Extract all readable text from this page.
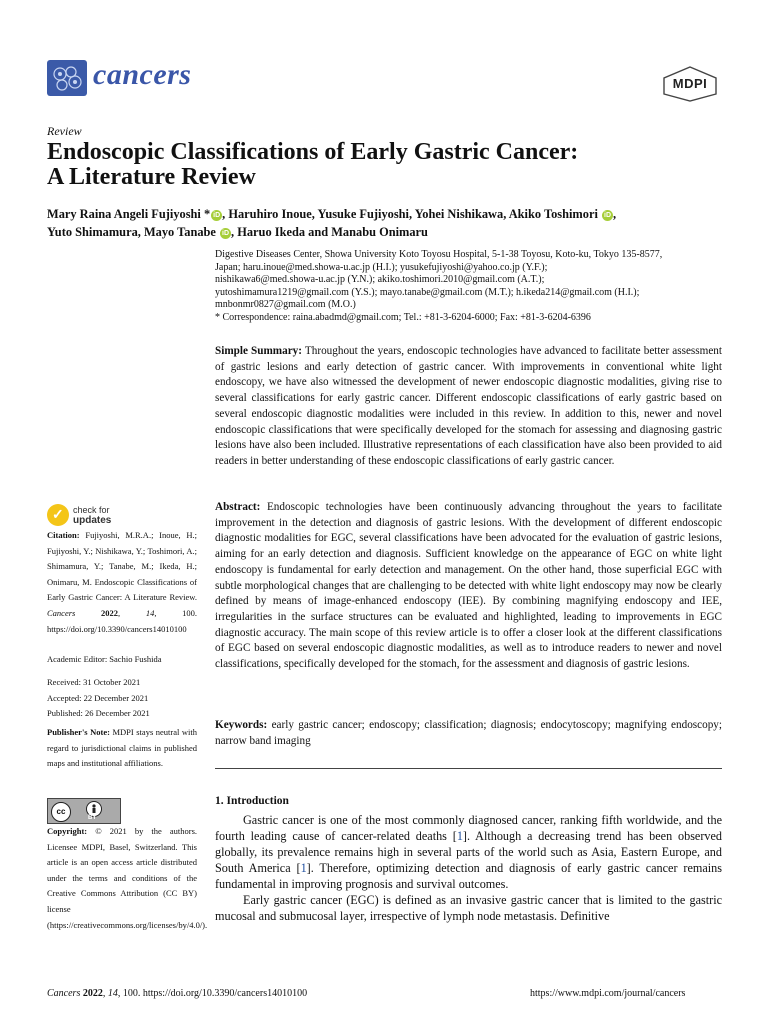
cancers	MDPI
Review
Endoscopic Classifications of Early Gastric Cancer:
A Literature Review
Mary Raina Angeli Fujiyoshi * iD , Haruhiro Inoue, Yusuke Fujiyoshi, Yohei Nishikawa, Akiko Toshimori iD ,
Yuto Shimamura, Mayo Tanabe iD , Haruo Ikeda and Manabu Onimaru

Digestive Diseases Center, Showa University Koto Toyosu Hospital, 5-1-38 Toyosu, Koto-ku, Tokyo 135-8577,

Japan; haru.inoue@med.showa-u.ac.jp (H.I.); yusukefujiyoshi@yahoo.co.jp (Y.F.);

nishikawa6@med.showa-u.ac.jp (Y.N.); akiko.toshimori.2010@gmail.com (A.T.);

yutoshimamura1219@gmail.com (Y.S.); mayo.tanabe@gmail.com (M.T.); h.ikeda214@gmail.com (H.I.);

mnbonmr0827@gmail.com (M.O.)

* Correspondence: raina.abadmd@gmail.com; Tel.: +81-3-6204-6000; Fax: +81-3-6204-6396

Simple Summary: Throughout the years, endoscopic technologies have advanced to facilitate better assessment of gastric lesions and early detection of gastric cancer. With improvements in conventional white light endoscopy, we have also witnessed the development of newer endoscopic diagnostic modalities, giving rise to several classifications for early gastric cancer. Different endoscopic classifications of early gastric based on several endoscopic diagnostic modalities were included in this review. In addition to this, newer and novel endoscopic classifications that were specifically developed for the stomach for assessing and diagnosing gastric lesions have also been included. Illustrative representations of each classification have also been provided to aid readers in better understanding of these endoscopic classifications of early gastric cancer.

Abstract: Endoscopic technologies have been continuously advancing throughout the years to facilitate improvement in the detection and diagnosis of gastric lesions. With the development of different endoscopic diagnostic modalities for EGC, several classifications have been advocated for the evaluation of gastric lesions, aiming for an early detection and diagnosis. Sufficient knowledge on the appearance of EGC on white light endoscopy is fundamental for early detection and management. On the other hand, those superficial EGC with subtle morphological changes that are challenging to be detected with white light endoscopy may now be clearly defined by means of image-enhanced endoscopy (IEE). By combining magnifying endoscopy and IEE, irregularities in the surface structures can be evaluated and highlighted, leading to improvements in EGC diagnostic accuracy. The main scope of this review article is to offer a closer look at the different classifications of EGC based on several endoscopic diagnostic modalities, as well as to introduce readers to newer and novel classifications, specifically developed for the stomach, for the assessment and diagnosis of gastric lesions.

Keywords: early gastric cancer; endoscopy; classification; diagnosis; endocytoscopy; magnifying endoscopy; narrow band imaging

1. Introduction

Gastric cancer is one of the most commonly diagnosed cancer, ranking fifth worldwide, and the fourth leading cause of cancer-related deaths [1]. Although a decreasing trend has been observed globally, its prevalence remains high in several parts of the world such as Asia, Eastern Europe, and South America [1]. Therefore, optimizing detection and diagnosis of early gastric cancer remains fundamental in improving prognosis and survival outcomes.

Early gastric cancer (EGC) is defined as an invasive gastric cancer that is limited to the gastric mucosal and submucosal layer, irrespective of lymph node metastasis. Definitive

✓ check for
updates

Citation: Fujiyoshi, M.R.A.; Inoue, H.; Fujiyoshi, Y.; Nishikawa, Y.; Toshimori, A.; Shimamura, Y.; Tanabe, M.; Ikeda, H.; Onimaru, M. Endoscopic Classifications of Early Gastric Cancer: A Literature Review. Cancers	2022, 14, 100. https://doi.org/10.3390/cancers14010100

Academic Editor: Sachio Fushida

Received: 31 October 2021

Accepted: 22 December 2021

Published: 26 December 2021

Publisher's Note: MDPI stays neutral with regard to jurisdictional claims in published maps and institutional affiliations.

cc
BY

Copyright: © 2021 by the authors. Licensee MDPI, Basel, Switzerland. This article is an open access article distributed under the terms and conditions of the Creative Commons Attribution (CC BY) license (https://creativecommons.org/licenses/by/4.0/).

Cancers 2022, 14, 100. https://doi.org/10.3390/cancers14010100	https://www.mdpi.com/journal/cancers
